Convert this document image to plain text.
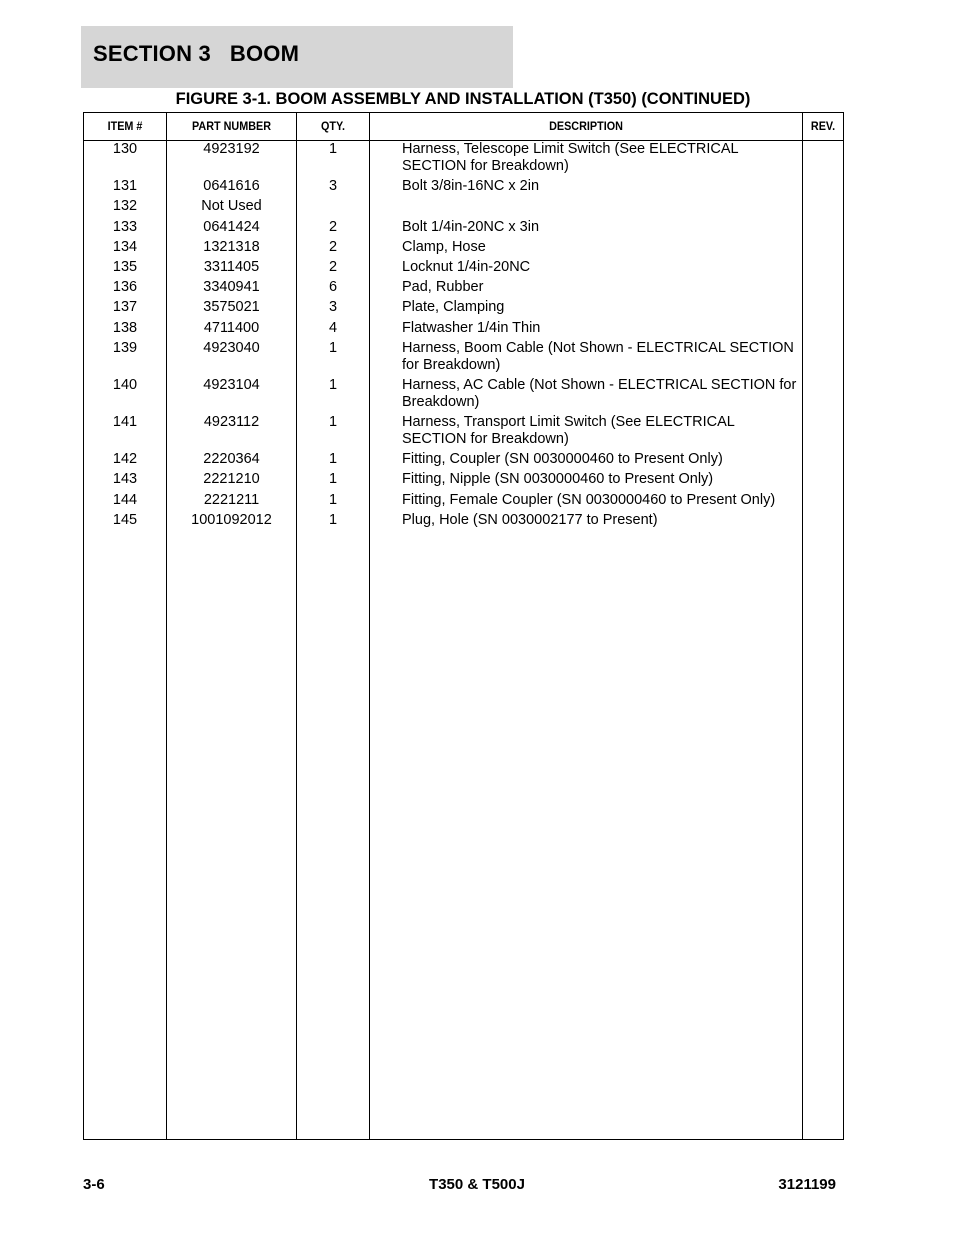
SECTION 3   BOOM
FIGURE 3-1. BOOM ASSEMBLY AND INSTALLATION (T350) (CONTINUED)
ITEM #	PART NUMBER	QTY.	DESCRIPTION	REV.
130	4923192	1	Harness, Telescope Limit Switch (See ELECTRICAL SECTION for Breakdown)
131	0641616	3	Bolt 3/8in-16NC x 2in
132	Not Used
133	0641424	2	Bolt 1/4in-20NC x 3in
134	1321318	2	Clamp, Hose
135	3311405	2	Locknut 1/4in-20NC
136	3340941	6	Pad, Rubber
137	3575021	3	Plate, Clamping
138	4711400	4	Flatwasher 1/4in Thin
139	4923040	1	Harness, Boom Cable (Not Shown - ELECTRICAL SECTION for Breakdown)
140	4923104	1	Harness, AC Cable (Not Shown - ELECTRICAL SECTION for Breakdown)
141	4923112	1	Harness, Transport Limit Switch (See ELECTRICAL SECTION for Breakdown)
142	2220364	1	Fitting, Coupler (SN 0030000460 to Present Only)
143	2221210	1	Fitting, Nipple (SN 0030000460 to Present Only)
144	2221211	1	Fitting, Female Coupler (SN 0030000460 to Present Only)
145	1001092012	1	Plug, Hole (SN 0030002177 to Present)
3-6	T350 & T500J	3121199
